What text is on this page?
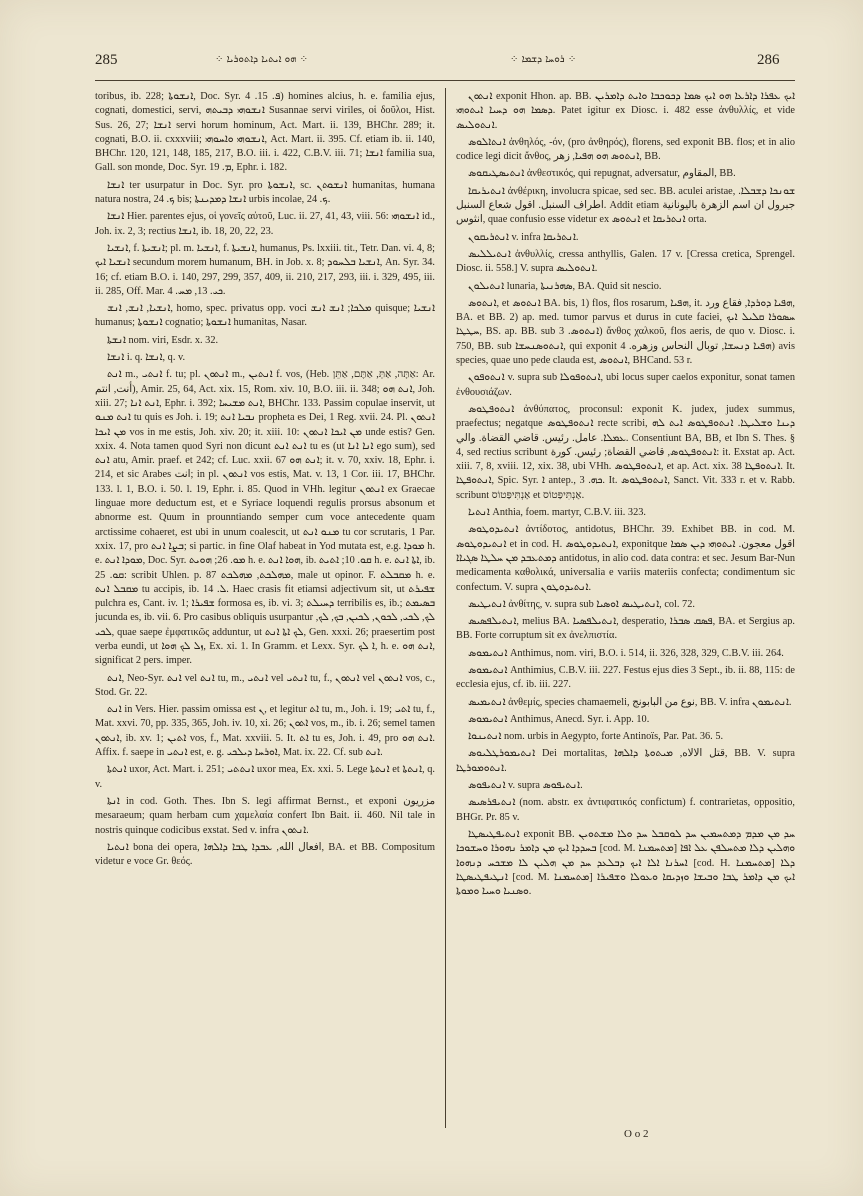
285	⁘ ܗܘ ܐܝܬܝܐ ܕܐܬܘܪܝܐ ⁘	⁘ ܪܘܚܐ ܕܫܡܐ ⁘	286

toribus, ib. 228; ܐܢܫܘܬܐ, Doc. Syr. ܦ. 15. 4) homines alcius, h. e. familia ejus, cognati, domestici, servi, ܐܢܫܘܗܝ ܕܒܝܬܗ Susannae servi viriles, οἱ δοῦλοι, Hist. Sus. 26, 27; ܐܢܫܐ servi horum hominum, Act. Mart. ii. 139, BHChr. 289; it. cognati, B.O. ii. cxxxviii; ܐܢܫܘܗܝ ܘܐܚܘܗܝ, Act. Mart. ii. 395. Cf. etiam ib. ii. 140, BHChr. 120, 121, 148, 185, 217, B.O. iii. i. 422, C.B.V. iii. 71; ܐܢܫܐ familia sua, Gall. son monde, Doc. Syr. ܡ. 19, Ephr. i. 182.

ܐܢܫܐ ter usurpatur in Doc. Syr. pro ܐܢܫܘܬܐ, sc. ܐܢܫܘܬܢ humanitas, humana natura nostra, ܟ. 24 bis; ܐܢܫܐ ܕܡܕܝܢܬܐ urbis incolae, ܟ. 24.

ܐܢܫܐ Hier. parentes ejus, οἱ γονεῖς αὐτοῦ, Luc. ii. 27, 41, 43, viii. 56: ܐܢܫܘܗܝ id., Joh. ix. 2, 3; rectius ܐܢܫܐ, ib. 18, 20, 22, 23.

ܐܢܫܝܐ, f. ܐܢܫܝܬܐ; pl. m. ܐܢܫܝܐ, f. ܐܢܫܝܬܐ, humanus, Ps. lxxiii. tit., Tetr. Dan. vi. 4, 8; ܐܢܫܝܐ ܐܝܟ secundum morem humanum, BH. in Job. x. 8; ܐܢܫܝܐ ܒܠܚܘܕ, An. Syr. 34. 16; cf. etiam B.O. i. 140, 297, 299, 357, 409, ii. 210, 217, 293, iii. i. 329, 495, iii. ii. 285, Off. Mar. ܟܝ. 13, ܡܚ. 4.

ܐܢܫܝܐ, ܐܢܫ, ܐܢܫ, homo, spec. privatus opp. voci ܡܠܟܐ; ܐܢܫ ܐܢܫ quisque; ܐܢܫܝܐ humanus; ܐܢܫܘܬܐ cognatio; ܐܢܫܘܬܐ humanitas, Nasar.

ܐܢܫܬܐ nom. viri, Esdr. x. 32.

ܐܢܫܐ i. q. ܐܢܫܐ, q. v.

ܐܢܬ m., ܐܢܬܝ f. tu; pl. ܐܢܬܘܢ m., ܐܢܬܝܢ f. vos, (Heb. אַתָּה, אַתְּ, אַתֶּם, אַתֵּן: Ar. أنت, انتم), Amir. 25, 64, Act. xix. 15, Rom. xiv. 10, B.O. iii. ii. 348; ܐܢܬ ܗܘ, Joh. xiii. 27; ܐܢܬ ܐܢܐ, Ephr. i. 392; ܐܢܬ ܡܫܝܚܐ, BHChr. 133. Passim copulae inservit, ut ܐܢܬ ܡܢܘ tu quis es Joh. i. 19; ܢܒܝܐ ܐܢܬ propheta es Dei, 1 Reg. xvii. 24. Pl. ܐܢܬܘܢ ܡܢ ܐܝܟܐ vos in me estis, Joh. xiv. 20; it. xiii. 10: ܡܢ ܐܝܟܐ ܐܢܬܘܢ unde estis? Gen. xxix. 4. Nota tamen quod Syri non dicunt ܐܢܬ ܐܢܬ tu es (ut ܐܢܐ ܐܢܐ ego sum), sed ܐܢܬ atu, Amir. praef. et 242; cf. Luc. xxii. 67 ܐܢܬ ܗܘ; it. v. 70, xxiv. 18, Ephr. i. 214, et sic Arabes انت; in pl. ܐܢܬܘܢ vos estis, Mat. v. 13, 1 Cor. iii. 17, BHChr. 133. l. 1, B.O. i. 50. l. 19, Ephr. i. 85. Quod in VHh. legitur ܐܢܬܘܢ ex Graecae linguae more deductum est, et e Syriace loquendi regulis prorsus absonum et abnorme est. Quum in prounntiando semper cum voce antecedente quam arctissime cohaeret, est ubi in unum coalescit, ut ܡܢܘ ܐܢܬ tu cor scrutaris, 1 Par. xxix. 17, pro ܒܨܐ ܐܢܬ; si partic. in fine Olaf habeat in Yod mutata est, e.g. ܡܘܕܐ h. e. ܡܘܕܐ ܐܢܬ, Doc. Syr. ܡܘ. 26; ܗܘܝܬ h. e. ܗܘܐ ܐܢܬ, ib. ܩܘ. 10; ܐܬܝܬ h. e. ܐܬܐ ܐܢܬ, ib. ܩܘ. 25: scribit Uhlen. p. 87 ܡܗܠܟܬ, ܡܗܠܟܬ, male ut opinor. F. ܡܩܒܠܬ h. e. ܡܩܒܠ ܐܢܬ tu accipis, ib. ܠ. 14. Haec crasis fit etiamsi adjectivum sit, ut ܫܦܝܪܬ pulchra es, Cant. iv. 1; ܫܦܝܪܐ formosa es, ib. vi. 3; ܕܚܝܠܬ terribilis es, ib.; ܒܣܝܡܬ jucunda es, ib. vii. 6. Pro casibus obliquis usurpantur ܠܟ, ܠܟܝ, ܠܟܘܢ, ܠܟܝܢ, ܒܟ, ܠܟ, ܠܟܝ, quae saepe ἐμφατικῶς adduntur, ut ܠܟ ܐܬܐ ܐܢܬ, Gen. xxxi. 26; praesertim post verba eundi, ut ܙܠ ܠܟ ܗܘܐ, Ex. xi. 1. In Gramm. et Lexx. Syr. ܐ ܠܟ, h. e. ܐܢܬ ܗܘ, significat 2 pers. imper.

ܐܢܬ, Neo-Syr. ܐܢܬ vel ܐܢܬ tu, m., ܐܢܬܝ vel ܐܢܬܝ tu, f., ܐܢܬܘܢ vel ܐܢܬܘܢ vos, c., Stod. Gr. 22.

ܐܢܬ in Vers. Hier. passim omissa est ܢ, et legitur ܐܬ tu, m., Joh. i. 19; ܐܬܝ tu, f., Mat. xxvi. 70, pp. 335, 365, Joh. iv. 10, xi. 26; ܐܬܘܢ vos, m., ib. i. 26; semel tamen ܐܢܬܘܢ, ib. xv. 1; ܐܬܝܢ vos, f., Mat. xxviii. 5. It. ܐܬ tu es, Joh. i. 49, pro ܐܢܬ ܗܘ. Affix. f. saepe in ܐܢܬܝ est, e. g. ܐܘܪܚܐ ܕܝܠܟܝ, Mat. ix. 22. Cf. sub ܐܢܬ.

ܐܢܬܬܐ uxor, Act. Mart. i. 251; ܐܢܬܬܝ uxor mea, Ex. xxi. 5. Lege ܐܢܬܬܐ et ܐܢܬܬܐ, q. v.

ܐܢܬܐ in cod. Goth. Thes. Ibn S. legi affirmat Bernst., et exponi مزريون mesaraeum; quam herbam cum χαμελαία confert Ibn Bait. ii. 460. Nil tale in nostris quinque codicibus exstat. Sed v. infra ܐܢܬܘܢ.

ܐܢܬܝܐ bona dei opera, افعال الله, ܥܒܕܐ ܛܒܐ ܕܐܠܗܐ, BA. et BB. Compositum videtur e voce Gr. θεός.

ܐܢܬܘܢ exponit Hhon. ap. BB. ܐܝܟ ܥܦܪܐ ܕܐܪܥܐ ܗܘ ܐܝܟ ܣܡܐ ܕܟܘܟܒܐ ܘܐܝܬ ܕܐܡܪܝܢ ܕܣܡܐ ܗܘ ܕܚܝܐ ܐܝܬܘܗܝ. Patet igitur ex Diosc. i. 482 esse ἀνθυλλίς, et vide ܐܢܬܘܠܝܣ.

ܐܢܬܐܠܘܣ ἀνθηλός, -όν, (pro ἀνθηρός), florens, sed exponit BB. flos; et in alio codice legi dicit ἄνθος, ܐܢܬܘܣ ܗܘ ܗܦܝܐ, زهر, BB.

ܐܢܬܝܣܛܝܩܘܣ ἀνθεστικός, qui repugnat, adversatur, المقاوم, BB.

ܐܢܬܝܪܝܩܐ ἀνθέρικη, involucra spicae, sed sec. BB. aculei aristae, ܫܘܢܟܐ ܕܫܒܠܐ. اطراف السنبل. اقول شعاع السنبل. Addit etiam جبرول ان اسم الزهرة باليونانية انثوس, quae confusio esse videtur ex ܐܢܬܘܣ et ܐܢܬܪܝܩܐ orta.

ܐܢܬܪܝܩܘܢ v. infra ܐܢܬܪܝܩܐ.

ܐܢܬܝܠܠܝܣ ἀνθυλλίς, cressa anthyllis, Galen. 17 v. [Cressa cretica, Sprengel. Diosc. ii. 558.] V. supra ܐܢܬܘܠܝܣ.

ܐܢܬܝܠܘܢ lunaria, ܣܗܪܢܝܬܐ, BA. Quid sit nescio.

ܐܢܬܘܣ, et ܐܢܬܘܣ BA. bis, 1) flos, flos rosarum, ܗܦܝܐ, it. ܗܦܝܐ ܕܘܪܕܐ, فقاع ورد, BA. et BB. 2) ap. med. tumor parvus et durus in cute faciei, ܚܣܘܪܐ ܩܠܝܠ ܐܝܟ ܚܛܛܐ, BS. ap. BB. sub ܐܢܬܘܣ. 3) ἄνθος χαλκοῦ, flos aeris, de quo v. Diosc. i. 750, BB. sub ܐܢܬܘܣܢܚܫܐ, qui exponit ܗܦܝܐ ܕܢܚܫܐ, توبال النحاس وزهره. 4) avis species, quae uno pede clauda est, ܐܢܬܘܣ, BHCand. 53 r.

ܐܢܬܘܦܘܢ v. supra sub ܐܢܬܘܦܘܠܐ, ubi locus super caelos exponitur, sonat tamen ἐνθουσιάζων.

ܐܢܬܘܦܛܘܣ ἀνθύπατος, proconsul: exponit K. judex, judex summus, praefectus; negatque ܐܢܬܘܦܛܘܣ recte scribi, ܕܝܢܐ ܘܫܠܝܛܐ. ܐܢܬܘܦܛܘܣ ܐܝܬ ܠܗ ܥܡܠܐ. عامل. رئيس. قاضي القضاة. والي. Consentiunt BA, BB, et Ibn S. Thes. § 4, sed rectius scribunt ܐܢܬܘܦܛܘܣ, قاضي القضاة; رئيس. كورة: it. Exstat ap. Act. xiii. 7, 8, xviii. 12, xix. 38, ubi VHh. ܐܢܬܘܦܛܘܣ, et ap. Act. xix. 38 ܐܢܬܘܦܛܐ. It. ܐܢܬܘܦܛܐ, Spic. Syr. ܐ antep., ܟܗ. 3. It. ܐܢܬܘܦܛܘܣ, Sanct. Vit. 333 r. et v. Rabb. scribunt אַנְתִּיפַּטוֹס et אַנְתִּיפַּטוֹס.

ܐܢܬܝܐ Anthia, foem. martyr, C.B.V. iii. 323.

ܐܢܬܝܕܘܛܘܣ ἀντίδοτος, antidotus, BHChr. 39. Exhibet BB. in cod. M. ܐܢܬܝܕܘܛܘܣ et in cod. H. ܐܢܬܝܕܘܛܘܣ, exponitque اقول معجون. ܐܝܬܘܗܝ ܕܝܢ ܣܡܐ ܕܡܬܥܒܕ ܡܢ ܚܠܛܐ ܣܓܝܐܐ antidotus, in alio cod. data contra: et sec. Jesum Bar-Nun medicamenta καθολικά, universalia e variis materiis confecta; condimentum sic confectum. V. supra ܐܢܬܝܕܘܛܘܢ.

ܐܢܬܝܛܝܣ ἀνθίτης, v. supra sub ܐܢܬܝܛܝܣ ܐܘܣܝܐ, col. 72.

ܐܢܬܝܠܦܣܝܣ, melius BA. ܐܢܬܝܠܦܣܝܐ, desperatio, ܦܣܩ ܣܒܪܐ, BA. et Sergius ap. BB. Forte corruptum sit ex ἀνελπιστία.

ܐܢܬܝܡܘܣ Anthimus, nom. viri, B.O. i. 514, ii. 326, 328, 329, C.B.V. iii. 264.

ܐܢܬܝܡܘܣ Anthimius, C.B.V. iii. 227. Festus ejus dies 3 Sept., ib. ii. 88, 115: de ecclesia ejus, cf. ib. iii. 227.

ܐܢܬܝܡܝܣ ἀνθεμίς, species chamaemeli, نوع من البابونج, BB. V. infra ܐܢܬܝܡܘܢ.

ܐܢܬܝܡܘܣ Anthimus, Anecd. Syr. i. App. 10.

ܐܢܬܝܢܘܐ nom. urbis in Aegypto, forte Antinoïs, Par. Pat. 36. 5.

ܐܢܬܝܡܘܪܛܠܝܘܣ Dei mortalitas, قتل الالاه, ܡܝܬܘܬܐ ܕܐܠܗܐ, BB. V. supra ܐܢܬܘܡܘܪܛܐ.

ܐܢܬܝܦܘܣ v. supra ܐܢܬܝܦܘܣ.

ܐܢܬܝܦܪܣܝܣ (nom. abstr. ex ἀντιφατικός confictum) f. contrarietas, oppositio, BHGr. Pr. 85 v.

ܐܢܬܝܦܛܝܣܛܐ exponit BB. ܚܕ ܡܢ ܡܕܡ ܕܡܬܚܡܝܢ ܚܕ ܠܘܩܒܠ ܚܕ ܘܠܐ ܡܫܬܘܝܢ ܒܚܕܕܐ ܐܝܟ ܡܢ ܕܐܡܪ ܢܗܘܪܐ ܘܚܫܘܟܐ [cod. M. ܡܬܚܡܢܐ] ܘܗܠܝܢ ܕܠܐ ܡܬܚܠܦܢ ܥܠ ܐܦܐ ܐܚܪܢܐ ܐܠܐ ܐܝܟ ܕܒܠܥܕ ܚܕ ܡܢ ܗܠܝܢ ܠܐ ܡܫܟܚ ܕܢܗܘܐ [cod. H. ܡܬܚܡܢܐ] ܕܠܐ ܐܢܛܝܦܛܝܣܛܐ [cod. M. ܡܬܚܡܢܐ] ܐܝܟ ܡܢ ܕܐܡܪ ܛܒܐ ܘܒܝܫܐ ܘܙܕܝܩܐ ܘܥܘܠܐ ܘܫܦܝܪܐ ܘܣܢܝܐ ܘܚܝܐ ܘܡܘܬܐ.

O o 2
